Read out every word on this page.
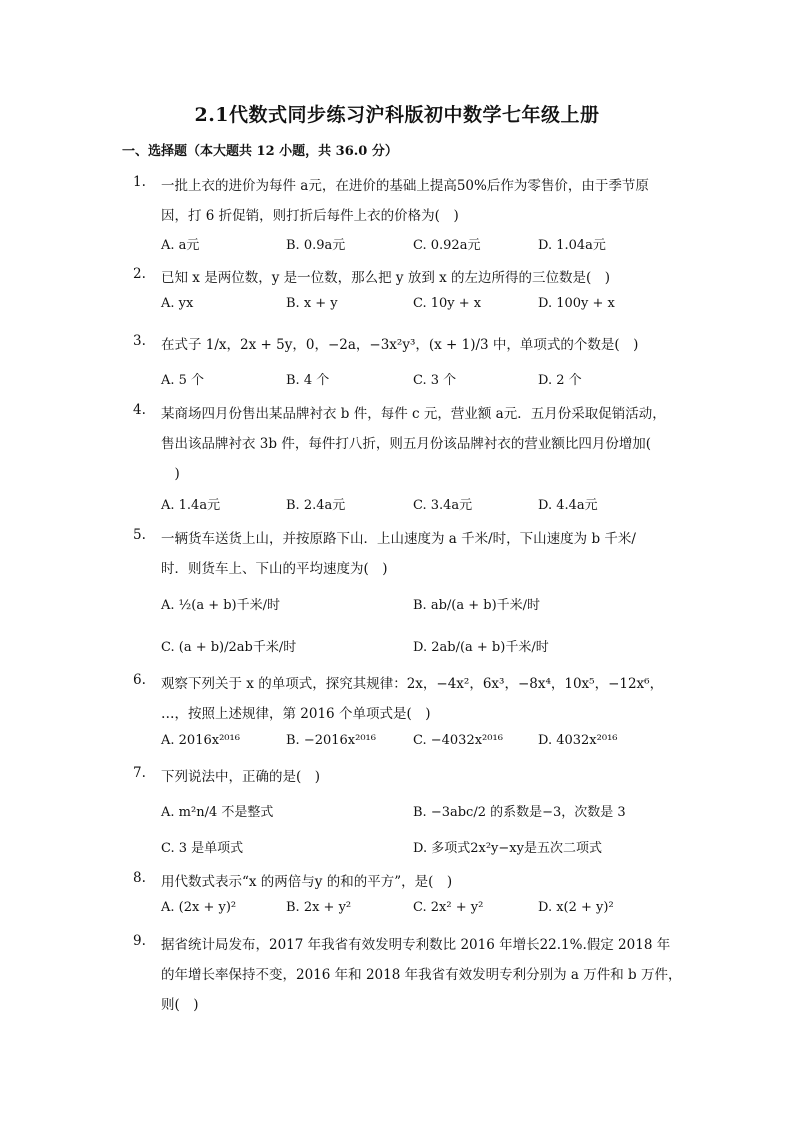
2.1代数式同步练习沪科版初中数学七年级上册
一、选择题（本大题共 12 小题，共 36.0 分）
1.	一批上衣的进价为每件 a元，在进价的基础上提高50%后作为零售价，由于季节原
因，打 6 折促销，则打折后每件上衣的价格为(　)
A. a元	B. 0.9a元	C. 0.92a元	D. 1.04a元
2.	已知 x 是两位数，y 是一位数，那么把 y 放到 x 的左边所得的三位数是(　)
A. yx	B. x + y	C. 10y + x	D. 100y + x
3.	在式子 1/x，2x + 5y，0，−2a，−3x²y³，(x + 1)/3 中，单项式的个数是(　)
A. 5 个	B. 4 个	C. 3 个	D. 2 个
4.	某商场四月份售出某品牌衬衣 b 件，每件 c 元，营业额 a元．五月份采取促销活动，
售出该品牌衬衣 3b 件，每件打八折，则五月份该品牌衬衣的营业额比四月份增加(
　)
A. 1.4a元	B. 2.4a元	C. 3.4a元	D. 4.4a元
5.	一辆货车送货上山，并按原路下山．上山速度为 a 千米/时，下山速度为 b 千米/
时．则货车上、下山的平均速度为(　)
A. ½(a + b)千米/时	B. ab/(a + b)千米/时
C. (a + b)/2ab千米/时	D. 2ab/(a + b)千米/时
6.	观察下列关于 x 的单项式，探究其规律：2x，−4x²，6x³，−8x⁴，10x⁵，−12x⁶，
…，按照上述规律，第 2016 个单项式是(　)
A. 2016x²⁰¹⁶	B. −2016x²⁰¹⁶	C. −4032x²⁰¹⁶	D. 4032x²⁰¹⁶
7.	下列说法中，正确的是(　)
A. m²n/4 不是整式	B. −3abc/2 的系数是−3，次数是 3
C. 3 是单项式	D. 多项式2x²y−xy是五次二项式
8.	用代数式表示“x 的两倍与y 的和的平方”，是(　)
A. (2x + y)²	B. 2x + y²	C. 2x² + y²	D. x(2 + y)²
9.	据省统计局发布，2017 年我省有效发明专利数比 2016 年增长22.1%.假定 2018 年
的年增长率保持不变，2016 年和 2018 年我省有效发明专利分别为 a 万件和 b 万件，
则(　)
